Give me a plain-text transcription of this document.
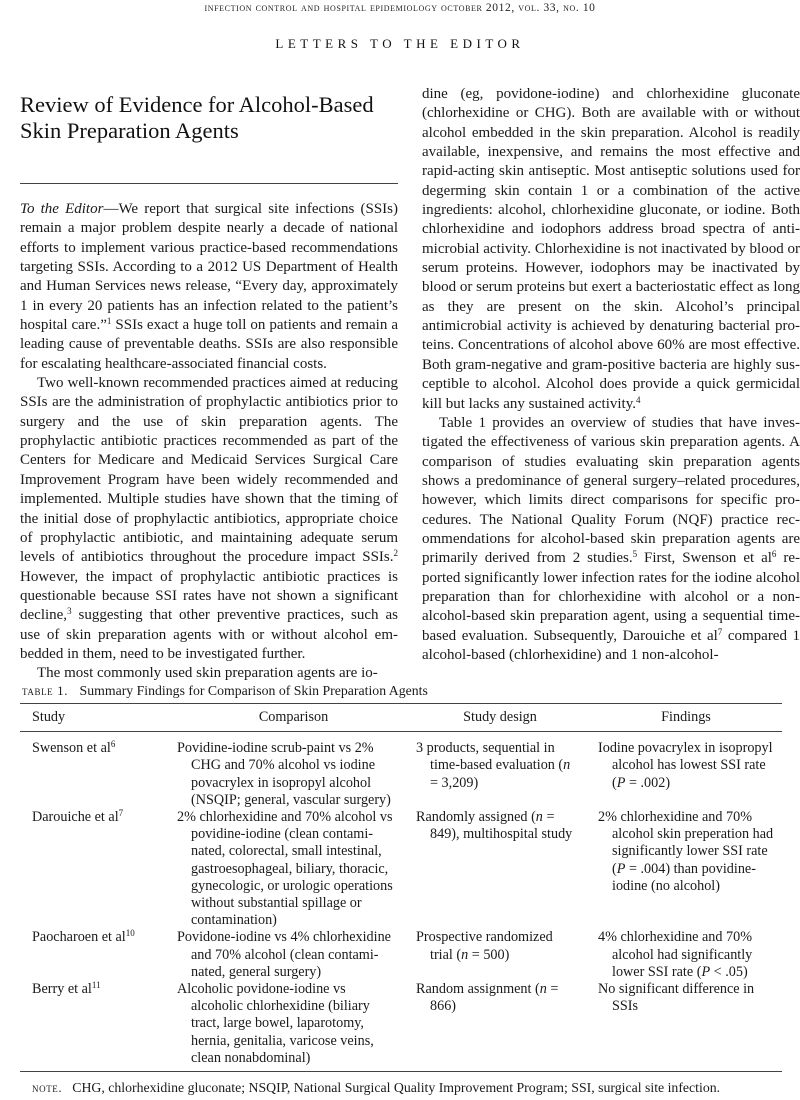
infection control and hospital epidemiology october 2012, vol. 33, no. 10
LETTERS TO THE EDITOR
Review of Evidence for Alcohol-Based
Skin Preparation Agents

To the Editor—We report that surgical site infections (SSIs) remain a major problem despite nearly a decade of national efforts to implement various practice-based recommendations targeting SSIs. According to a 2012 US Department of Health and Human Services news release, “Every day, approximately 1 in every 20 patients has an infection related to the patient’s hospital care.”$^1$ SSIs exact a huge toll on patients and remain a leading cause of preventable deaths. SSIs are also responsible for escalating healthcare-associated financial costs.

Two well-known recommended practices aimed at reducing SSIs are the administration of prophylactic antibiotics prior to surgery and the use of skin preparation agents. The prophylactic antibiotic practices recommended as part of the Centers for Medicare and Medicaid Services Surgical Care Improvement Program have been widely recommended and implemented. Multiple studies have shown that the timing of the initial dose of prophylactic antibiotics, appropriate choice of prophylactic antibiotic, and maintaining adequate serum levels of antibiotics throughout the procedure impact SSIs.$^2$ However, the impact of prophylactic antibiotic practices is questionable because SSI rates have not shown a significant decline,$^3$ suggesting that other preventive practices, such as use of skin preparation agents with or without alcohol embedded in them, need to be investigated further.

The most commonly used skin preparation agents are io-

dine (eg, povidone-iodine) and chlorhexidine gluconate (chlorhexidine or CHG). Both are available with or without alcohol embedded in the skin preparation. Alcohol is readily available, inexpensive, and remains the most effective and rapid-acting skin antiseptic. Most antiseptic solutions used for degerming skin contain 1 or a combination of the active ingredients: alcohol, chlorhexidine gluconate, or iodine. Both chlorhexidine and iodophors address broad spectra of antimicrobial activity. Chlorhexidine is not inactivated by blood or serum proteins. However, iodophors may be inactivated by blood or serum proteins but exert a bacteriostatic effect as long as they are present on the skin. Alcohol’s principal antimicrobial activity is achieved by denaturing bacterial proteins. Concentrations of alcohol above 60% are most effective. Both gram-negative and gram-positive bacteria are highly susceptible to alcohol. Alcohol does provide a quick germicidal kill but lacks any sustained activity.$^4$

Table 1 provides an overview of studies that have investigated the effectiveness of various skin preparation agents. A comparison of studies evaluating skin preparation agents shows a predominance of general surgery–related procedures, however, which limits direct comparisons for specific procedures. The National Quality Forum (NQF) practice recommendations for alcohol-based skin preparation agents are primarily derived from 2 studies.$^5$ First, Swenson et $al^6$ reported significantly lower infection rates for the iodine alcohol preparation than for chlorhexidine with alcohol or a non-alcohol-based skin preparation agent, using a sequential time-based evaluation. Subsequently, Darouiche et $al^7$ compared 1 alcohol-based (chlorhexidine) and 1 non-alcohol-

table 1. Summary Findings for Comparison of Skin Preparation Agents
Study	Comparison	Study design	Findings
Swenson et $al^6$	Povidine-iodine scrub-paint vs 2% CHG and 70% alcohol vs iodine povacrylex in isopropyl alcohol (NSQIP; general, vascular surgery)	3 products, sequential in time-based evaluation (n = 3,209)	Iodine povacrylex in isopropyl alcohol has lowest SSI rate (P = .002)

Darouiche et $al^7$	2% chlorhexidine and 70% alcohol vs povidine-iodine (clean contaminated, colorectal, small intestinal, gastroesophageal, biliary, thoracic, gynecologic, or urologic operations without substantial spillage or contamination)	Randomly assigned (n = 849), multihospital study	2% chlorhexidine and 70% alcohol skin preperation had significantly lower SSI rate (P = .004) than povidine-iodine (no alcohol)

Paocharoen et $al^{10}$	Povidone-iodine vs 4% chlorhexidine and 70% alcohol (clean contaminated, general surgery)	Prospective randomized trial (n = 500)	4% chlorhexidine and 70% alcohol had significantly lower SSI rate (P < .05)

Berry et $al^{11}$	Alcoholic povidone-iodine vs alcoholic chlorhexidine (biliary tract, large bowel, laparotomy, hernia, genitalia, varicose veins, clean nonabdominal)	Random assignment (n = 866)	No significant difference in SSIs
note. CHG, chlorhexidine gluconate; NSQIP, National Surgical Quality Improvement Program; SSI, surgical site infection.
